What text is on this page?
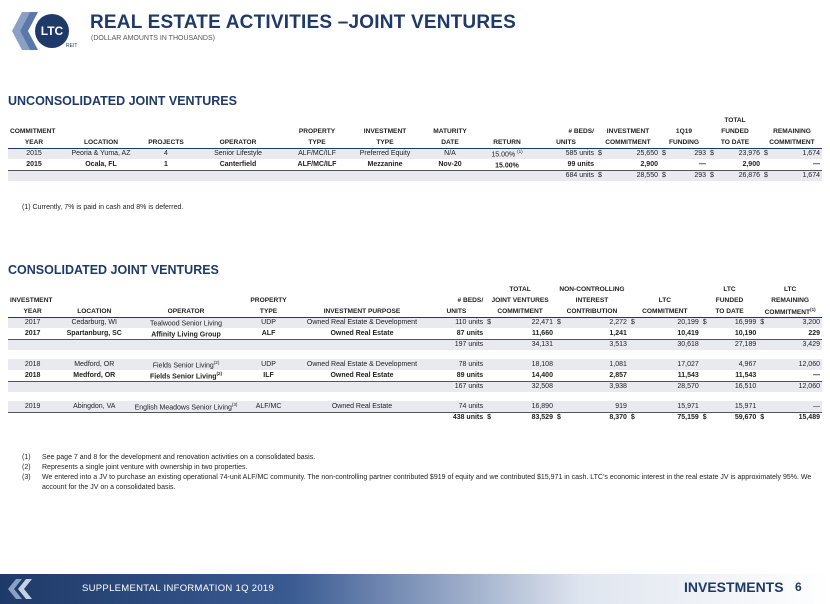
LTC
REIT
REAL ESTATE ACTIVITIES –JOINT VENTURES
(DOLLAR AMOUNTS IN THOUSANDS)
UNCONSOLIDATED JOINT VENTURES
											TOTAL	
COMMITMENT				PROPERTY	INVESTMENT	MATURITY		# BEDS/	INVESTMENT	1Q19	FUNDED	REMAINING
YEAR	LOCATION	PROJECTS	OPERATOR	TYPE	TYPE	DATE	RETURN	UNITS	COMMITMENT	FUNDING	TO DATE	COMMITMENT
2015	Peoria & Yuma, AZ	4	Senior Lifestyle	ALF/MC/ILF	Preferred Equity	N/A	15.00% $^{(1)}$	585 units	$ 25,650	$ 293	$ 23,976	$ 1,674

2015	Ocala, FL	1	Canterfield	ALF/MC/ILF	Mezzanine	Nov-20	15.00%	99 units	2,900	—	2,900	—

								684 units	$ 28,550	$ 293	$ 26,876	$ 1,674
(1) Currently, 7% is paid in cash and 8% is deferred.
CONSOLIDATED JOINT VENTURES
						TOTAL	NON-CONTROLLING		LTC	LTC
INVESTMENT			PROPERTY		# BEDS/	JOINT VENTURES	INTEREST	LTC	FUNDED	REMAINING
YEAR	LOCATION	OPERATOR	TYPE	INVESTMENT PURPOSE	UNITS	COMMITMENT	CONTRIBUTION	COMMITMENT	TO DATE	COMMITMENT$^{(1)}$
2017	Cedarburg, WI	Tealwood Senior Living	UDP	Owned Real Estate & Development	110 units	$ 22,471	$ 2,272	$ 20,199	$ 16,999	$ 3,200

2017	Spartanburg, SC	Affinity Living Group	ALF	Owned Real Estate	87 units	11,660	1,241	10,419	10,190	229

					197 units	34,131	3,513	30,618	27,189	3,429

2018	Medford, OR	Fields Senior Living$^{(2)}$	UDP	Owned Real Estate & Development	78 units	18,108	1,081	17,027	4,967	12,060

2018	Medford, OR	Fields Senior Living$^{(2)}$	ILF	Owned Real Estate	89 units	14,400	2,857	11,543	11,543	—

					167 units	32,508	3,938	28,570	16,510	12,060

2019	Abingdon, VA	English Meadows Senior Living$^{(3)}$	ALF/MC	Owned Real Estate	74 units	16,890	919	15,971	15,971	—

					438 units	$ 83,529	$ 8,370	$ 75,159	$ 59,670	$ 15,489
(1)	See page 7 and 8 for the development and renovation activities on a consolidated basis.
(2)	Represents a single joint venture with ownership in two properties.
(3)	We entered into a JV to purchase an existing operational 74-unit ALF/MC community. The non-controlling partner contributed $919 of equity and we contributed $15,971 in cash. LTC’s economic interest in the real estate JV is approximately 95%. We account for the JV on a consolidated basis.
SUPPLEMENTAL INFORMATION 1Q 2019	INVESTMENTS 6
